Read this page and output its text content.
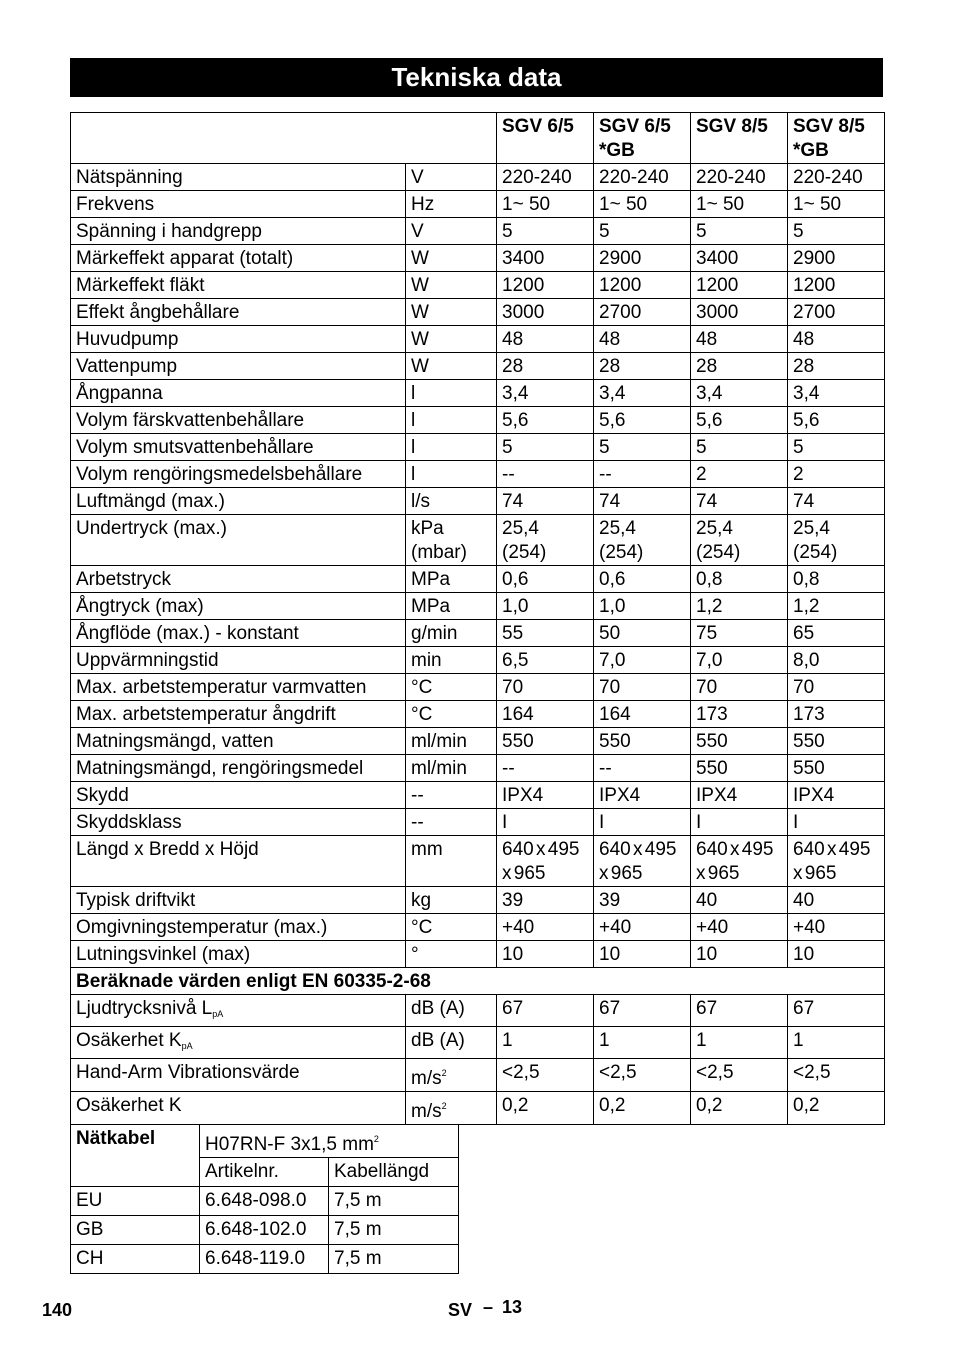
Tekniska data
		SGV 6/5	SGV 6/5 *GB	SGV 8/5	SGV 8/5 *GB
Nätspänning	V	220-240	220-240	220-240	220-240
Frekvens	Hz	1~ 50	1~ 50	1~ 50	1~ 50
Spänning i handgrepp	V	5	5	5	5
Märkeffekt apparat (totalt)	W	3400	2900	3400	2900
Märkeffekt fläkt	W	1200	1200	1200	1200
Effekt ångbehållare	W	3000	2700	3000	2700
Huvudpump	W	48	48	48	48
Vattenpump	W	28	28	28	28
Ångpanna	l	3,4	3,4	3,4	3,4
Volym färskvattenbehållare	l	5,6	5,6	5,6	5,6
Volym smutsvattenbehållare	l	5	5	5	5
Volym rengöringsmedelsbehållare	l	--	--	2	2
Luftmängd (max.)	l/s	74	74	74	74
Undertryck (max.)	kPa (mbar)	25,4 (254)	25,4 (254)	25,4 (254)	25,4 (254)
Arbetstryck	MPa	0,6	0,6	0,8	0,8
Ångtryck (max)	MPa	1,0	1,0	1,2	1,2
Ångflöde (max.) - konstant	g/min	55	50	75	65
Uppvärmningstid	min	6,5	7,0	7,0	8,0
Max. arbetstemperatur varmvatten	°C	70	70	70	70
Max. arbetstemperatur ångdrift	°C	164	164	173	173
Matningsmängd, vatten	ml/min	550	550	550	550
Matningsmängd, rengöringsmedel	ml/min	--	--	550	550
Skydd	--	IPX4	IPX4	IPX4	IPX4
Skyddsklass	--	I	I	I	I
Längd x Bredd x Höjd	mm	640 x 495 x 965	640 x 495 x 965	640 x 495 x 965	640 x 495 x 965
Typisk driftvikt	kg	39	39	40	40
Omgivningstemperatur (max.)	°C	+40	+40	+40	+40
Lutningsvinkel (max)	°	10	10	10	10
Beräknade värden enligt EN 60335-2-68					
Ljudtrycksnivå $L_{pA}$	dB (A)	67	67	67	67
Osäkerhet $K_{pA}$	dB (A)	1	1	1	1
Hand-Arm Vibrationsvärde	$m/s^2$	<2,5	<2,5	<2,5	<2,5
Osäkerhet K	$m/s^2$	0,2	0,2	0,2	0,2
Nätkabel	H07RN-F 3x1,5 $mm^2$
	Artikelnr.	Kabellängd
EU	6.648-098.0	7,5 m
GB	6.648-102.0	7,5 m
CH	6.648-119.0	7,5 m
140	SV – 13
